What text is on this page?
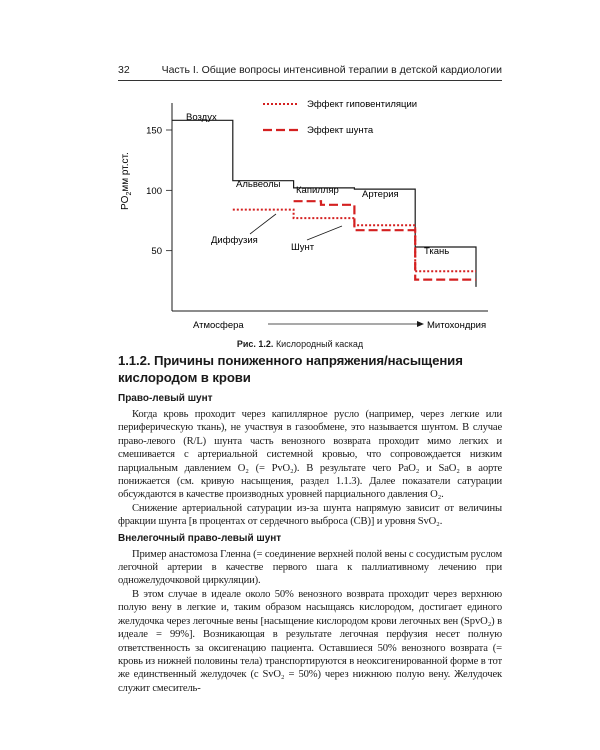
32	Часть I. Общие вопросы интенсивной терапии в детской кардиологии
$PO_2мм$ рт.ст.
50
100
150
Воздух
Альвеолы
Капилляр Артерия
Ткань
Диффузия
Шунт
Эффект гиповентиляции
Эффект шунта
Атмосфера	Митохондрия
Рис. 1.2. Кислородный каскад
1.1.2. Причины пониженного напряжения/насыщения
кислородом в крови
Право-левый шунт

Когда кровь проходит через капиллярное русло (например, через легкие или периферическую ткань), не участвуя в газообмене, это называется шунтом. В случае право-левого (R/L) шунта часть венозного возврата проходит мимо легких и смешивается с артериальной системной кровью, что сопровождается низким парциальным давлением O₂ (= PvO₂). В результате чего PaO₂ и SaO₂ в аорте понижается (см. кривую насыщения, раздел 1.1.3). Далее показатели сатурации обсуждаются в качестве производных уровней парциального давления O₂.

Снижение артериальной сатурации из-за шунта напрямую зависит от величины фракции шунта [в процентах от сердечного выброса (СВ)] и уровня SvO₂.

Внелегочный право-левый шунт

Пример анастомоза Гленна (= соединение верхней полой вены с сосудистым руслом легочной артерии в качестве первого шага к паллиативному лечению при одножелудочковой циркуляции).

В этом случае в идеале около 50% венозного возврата проходит через верхнюю полую вену в легкие и, таким образом насыщаясь кислородом, достигает единого желудочка через легочные вены [насыщение кислородом крови легочных вен (SpvO₂) в идеале = 99%]. Возникающая в результате легочная перфузия несет полную ответственность за оксигенацию пациента. Оставшиеся 50% венозного возврата (= кровь из нижней половины тела) транспортируются в неоксигенированной форме в тот же единственный желудочек (с SvO₂ = 50%) через нижнюю полую вену. Желудочек служит смеситель-
